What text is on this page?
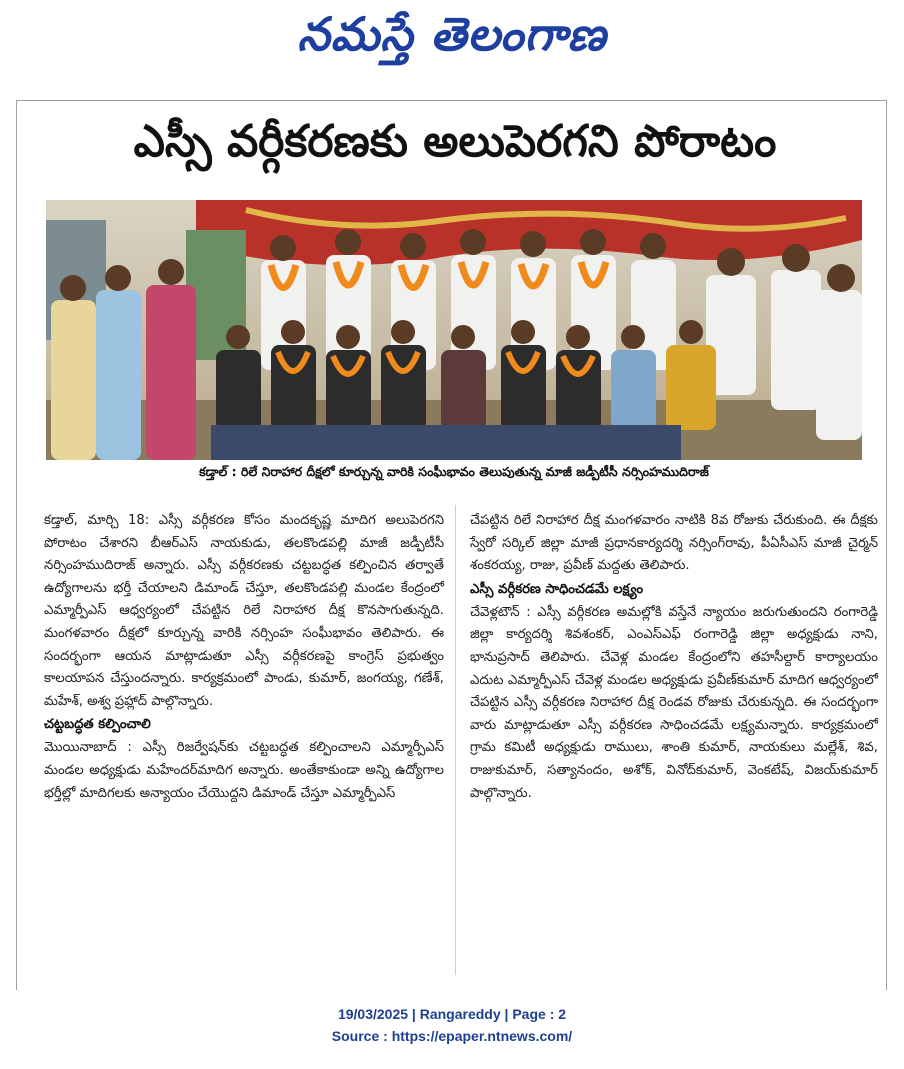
నమస్తే తెలంగాణ
ఎస్సీ వర్గీకరణకు అలుపెరగని పోరాటం
కడ్తాల్ : రిలే నిరాహార దీక్షలో కూర్చున్న వారికి సంఘీభావం తెలుపుతున్న మాజీ జడ్పీటీసీ నర్సింహముదిరాజ్

కడ్తాల్, మార్చి 18: ఎస్సీ వర్గీకరణ కోసం మందకృష్ణ మాదిగ అలుపెరగని పోరాటం చేశారని బీఆర్ఎస్ నాయకుడు, తలకొండపల్లి మాజీ జడ్పీటీసీ నర్సింహముదిరాజ్ అన్నారు. ఎస్సీ వర్గీకరణకు చట్టబద్ధత కల్పించిన తర్వాతే ఉద్యోగాలను భర్తీ చేయాలని డిమాండ్ చేస్తూ, తలకొండపల్లి మండల కేంద్రంలో ఎమ్మార్పీఎస్ ఆధ్వర్యంలో చేపట్టిన రిలే నిరాహార దీక్ష కొనసాగుతున్నది. మంగళవారం దీక్షలో కూర్చున్న వారికి నర్సింహ సంఘీభావం తెలిపారు. ఈ సందర్భంగా ఆయన మాట్లాడుతూ ఎస్సీ వర్గీకరణపై కాంగ్రెస్ ప్రభుత్వం కాలయాపన చేస్తుందన్నారు. కార్యక్రమంలో పాండు, కుమార్, జంగయ్య, గణేశ్, మహేశ్, అశ్వ ప్రహ్లాద్ పాల్గొన్నారు.

చట్టబద్ధత కల్పించాలి

మొయినాబాద్ : ఎస్సీ రిజర్వేషన్‌కు చట్టబద్ధత కల్పించాలని ఎమ్మార్పీఎస్ మండల అధ్యక్షుడు మహేందర్‌మాదిగ అన్నారు. అంతేకాకుండా అన్ని ఉద్యోగాల భర్తీల్లో మాదిగలకు అన్యాయం చేయొద్దని డిమాండ్ చేస్తూ ఎమ్మార్పీఎస్

చేపట్టిన రిలే నిరాహార దీక్ష మంగళవారం నాటికి 8వ రోజుకు చేరుకుంది. ఈ దీక్షకు స్వేరో సర్కిల్ జిల్లా మాజీ ప్రధానకార్యదర్శి నర్సింగ్‌రావు, పీఏసీఎస్ మాజీ చైర్మన్ శంకరయ్య, రాజు, ప్రవీణ్ మద్దతు తెలిపారు.

ఎస్సీ వర్గీకరణ సాధించడమే లక్ష్యం

చేవెళ్లటౌన్ : ఎస్సీ వర్గీకరణ అమల్లోకి వస్తేనే న్యాయం జరుగుతుందని రంగారెడ్డి జిల్లా కార్యదర్శి శివశంకర్, ఎంఎస్ఎఫ్ రంగారెడ్డి జిల్లా అధ్యక్షుడు నాని, భానుప్రసాద్ తెలిపారు. చేవెళ్ల మండల కేంద్రంలోని తహసీల్దార్ కార్యాలయం ఎదుట ఎమ్మార్పీఎస్ చేవెళ్ల మండల అధ్యక్షుడు ప్రవీణ్‌కుమార్ మాదిగ ఆధ్వర్యంలో చేపట్టిన ఎస్సీ వర్గీకరణ నిరాహార దీక్ష రెండవ రోజుకు చేరుకున్నది. ఈ సందర్భంగా వారు మాట్లాడుతూ ఎస్సీ వర్గీకరణ సాధించడమే లక్ష్యమన్నారు. కార్యక్రమంలో గ్రామ కమిటీ అధ్యక్షుడు రాములు, శాంతి కుమార్, నాయకులు మల్లేశ్, శివ, రాజుకుమార్, సత్యానందం, అశోక్, వినోద్‌కుమార్, వెంకటేష్, విజయ్‌కుమార్ పాల్గొన్నారు.

19/03/2025 | Rangareddy | Page : 2
Source : https://epaper.ntnews.com/
